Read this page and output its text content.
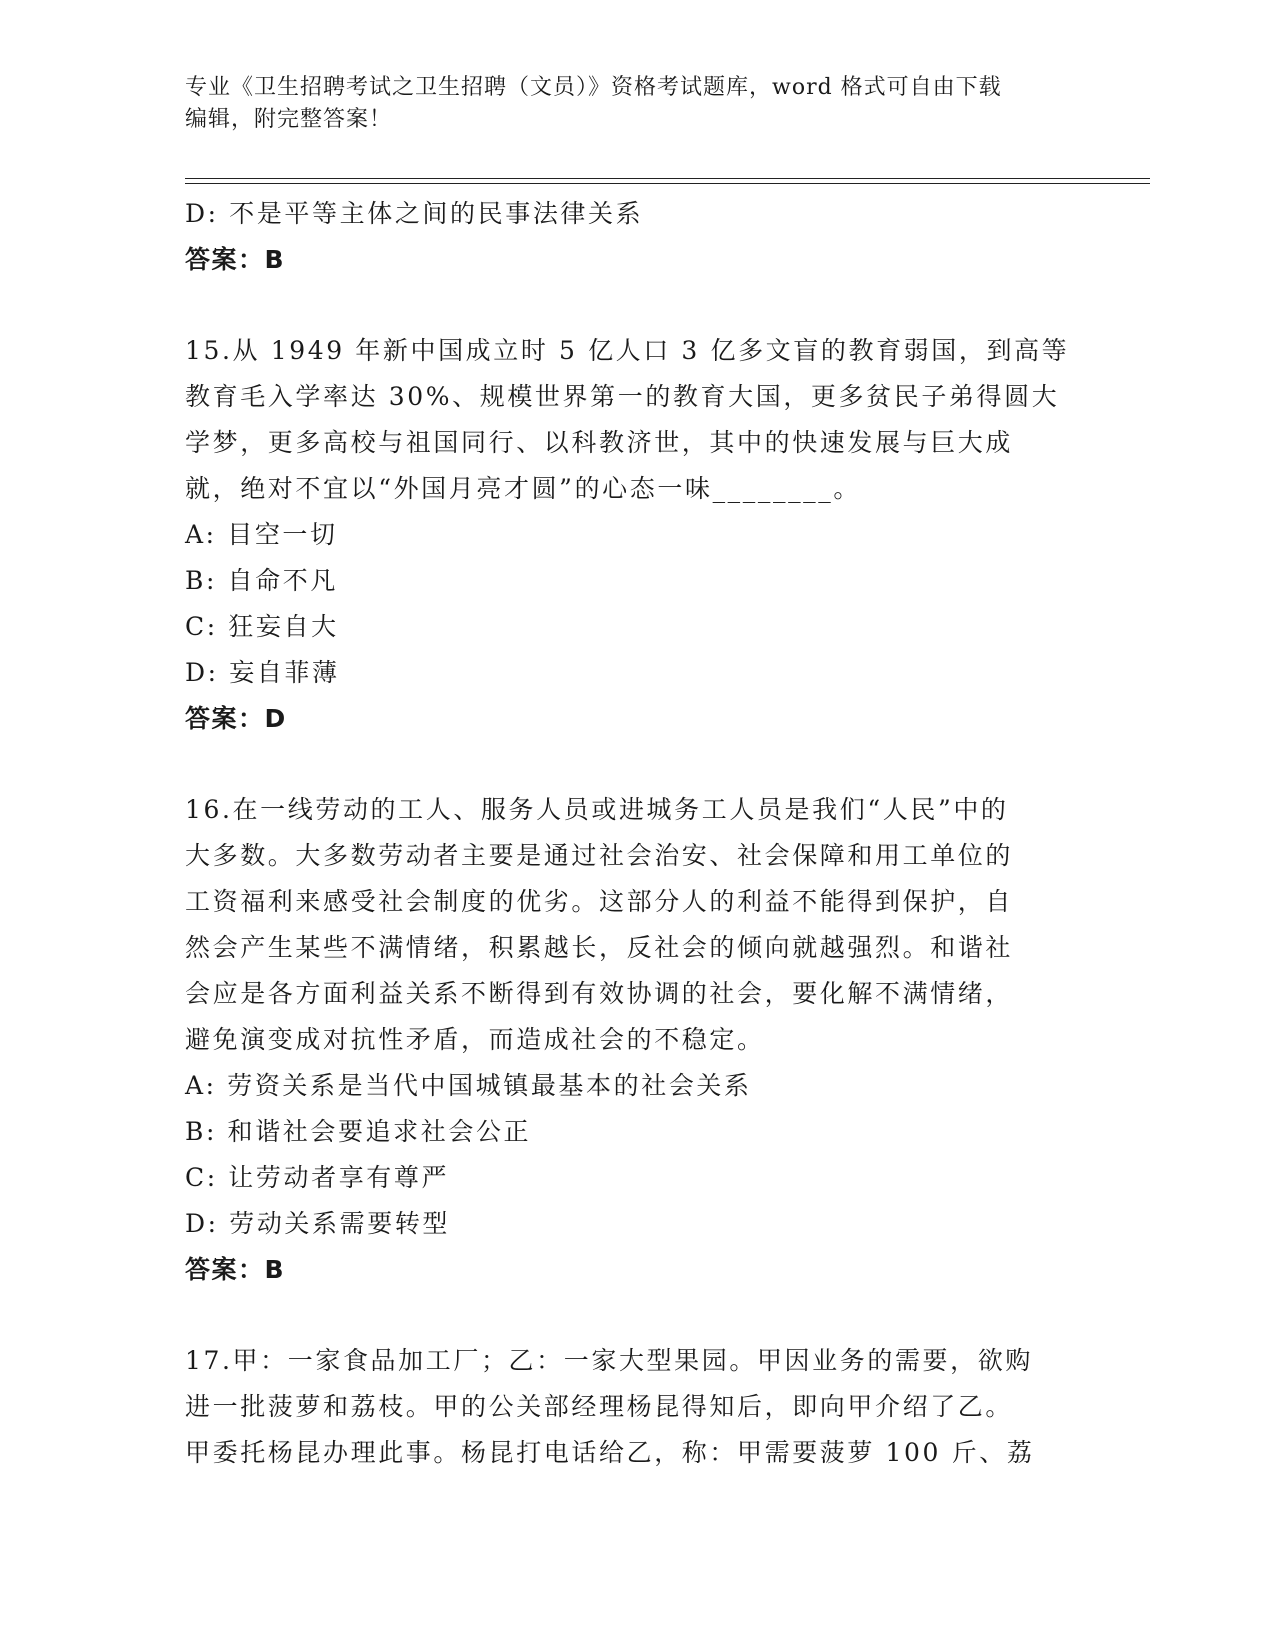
专业《卫生招聘考试之卫生招聘（文员）》资格考试题库，word 格式可自由下载
编辑，附完整答案！
D: 不是平等主体之间的民事法律关系
答案：B
15.从 1949 年新中国成立时 5 亿人口 3 亿多文盲的教育弱国，到高等
教育毛入学率达 30%、规模世界第一的教育大国，更多贫民子弟得圆大
学梦，更多高校与祖国同行、以科教济世，其中的快速发展与巨大成
就，绝对不宜以“外国月亮才圆”的心态一味________。
A: 目空一切
B: 自命不凡
C: 狂妄自大
D: 妄自菲薄
答案：D
16.在一线劳动的工人、服务人员或进城务工人员是我们“人民”中的
大多数。大多数劳动者主要是通过社会治安、社会保障和用工单位的
工资福利来感受社会制度的优劣。这部分人的利益不能得到保护，自
然会产生某些不满情绪，积累越长，反社会的倾向就越强烈。和谐社
会应是各方面利益关系不断得到有效协调的社会，要化解不满情绪，
避免演变成对抗性矛盾，而造成社会的不稳定。
A: 劳资关系是当代中国城镇最基本的社会关系
B: 和谐社会要追求社会公正
C: 让劳动者享有尊严
D: 劳动关系需要转型
答案：B
17.甲：一家食品加工厂；乙：一家大型果园。甲因业务的需要，欲购
进一批菠萝和荔枝。甲的公关部经理杨昆得知后，即向甲介绍了乙。
甲委托杨昆办理此事。杨昆打电话给乙，称：甲需要菠萝 100 斤、荔
